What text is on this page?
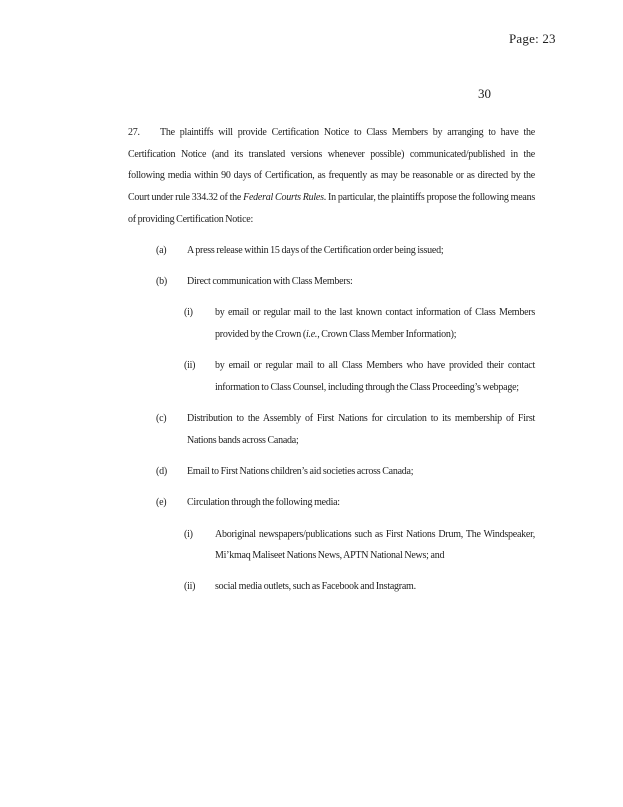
Page: 23
30

27. The plaintiffs will provide Certification Notice to Class Members by arranging to have the Certification Notice (and its translated versions whenever possible) communicated/published in the following media within 90 days of Certification, as frequently as may be reasonable or as directed by the Court under rule 334.32 of the Federal Courts Rules. In particular, the plaintiffs propose the following means of providing Certification Notice:

(a) A press release within 15 days of the Certification order being issued;
(b) Direct communication with Class Members:
(i) by email or regular mail to the last known contact information of Class Members provided by the Crown (i.e., Crown Class Member Information);
(ii) by email or regular mail to all Class Members who have provided their contact information to Class Counsel, including through the Class Proceeding’s webpage;
(c) Distribution to the Assembly of First Nations for circulation to its membership of First Nations bands across Canada;
(d) Email to First Nations children’s aid societies across Canada;
(e) Circulation through the following media:
(i) Aboriginal newspapers/publications such as First Nations Drum, The Windspeaker, Mi’kmaq Maliseet Nations News, APTN National News; and
(ii) social media outlets, such as Facebook and Instagram.
